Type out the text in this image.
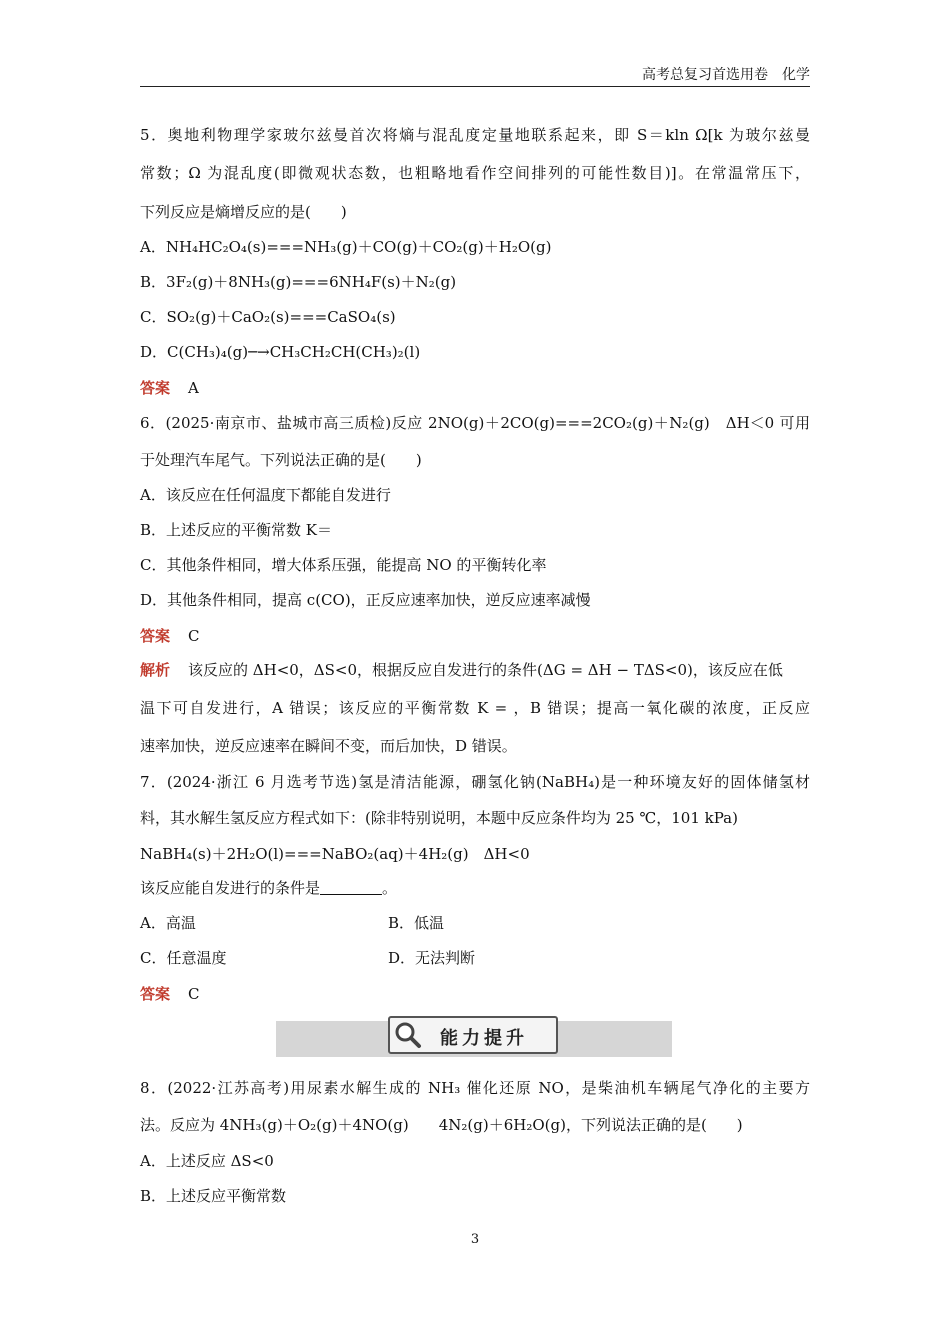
高考总复习首选用卷　化学
5．奥地利物理学家玻尔兹曼首次将熵与混乱度定量地联系起来，即 S＝kln Ω[k 为玻尔兹曼
常数；Ω 为混乱度(即微观状态数，也粗略地看作空间排列的可能性数目)]。在常温常压下，
下列反应是熵增反应的是(　　)
A．NH₄HC₂O₄(s)===NH₃(g)＋CO(g)＋CO₂(g)＋H₂O(g)
B．3F₂(g)＋8NH₃(g)===6NH₄F(s)＋N₂(g)
C．SO₂(g)＋CaO₂(s)===CaSO₄(s)
D．C(CH₃)₄(g)─→CH₃CH₂CH(CH₃)₂(l)
答案 A
6．(2025·南京市、盐城市高三质检)反应 2NO(g)＋2CO(g)===2CO₂(g)＋N₂(g)　ΔH＜0 可用
于处理汽车尾气。下列说法正确的是(　　)
A．该反应在任何温度下都能自发进行
B．上述反应的平衡常数 K＝
C．其他条件相同，增大体系压强，能提高 NO 的平衡转化率
D．其他条件相同，提高 c(CO)，正反应速率加快，逆反应速率减慢
答案 C
解析 该反应的 ΔH<0，ΔS<0，根据反应自发进行的条件(ΔG = ΔH − TΔS<0)，该反应在低
温下可自发进行，A 错误；该反应的平衡常数 K = ，B 错误；提高一氧化碳的浓度，正反应
速率加快，逆反应速率在瞬间不变，而后加快，D 错误。
7．(2024·浙江 6 月选考节选)氢是清洁能源，硼氢化钠(NaBH₄)是一种环境友好的固体储氢材
料，其水解生氢反应方程式如下：(除非特别说明，本题中反应条件均为 25 ℃，101 kPa)
NaBH₄(s)＋2H₂O(l)===NaBO₂(aq)＋4H₂(g)　ΔH<0
该反应能自发进行的条件是	。
A．高温	B．低温
C．任意温度	D．无法判断
答案 C
能力提升
8．(2022·江苏高考)用尿素水解生成的 NH₃ 催化还原 NO，是柴油机车辆尾气净化的主要方
法。反应为 4NH₃(g)＋O₂(g)＋4NO(g)　　4N₂(g)＋6H₂O(g)，下列说法正确的是(　　)
A．上述反应 ΔS<0
B．上述反应平衡常数
3
